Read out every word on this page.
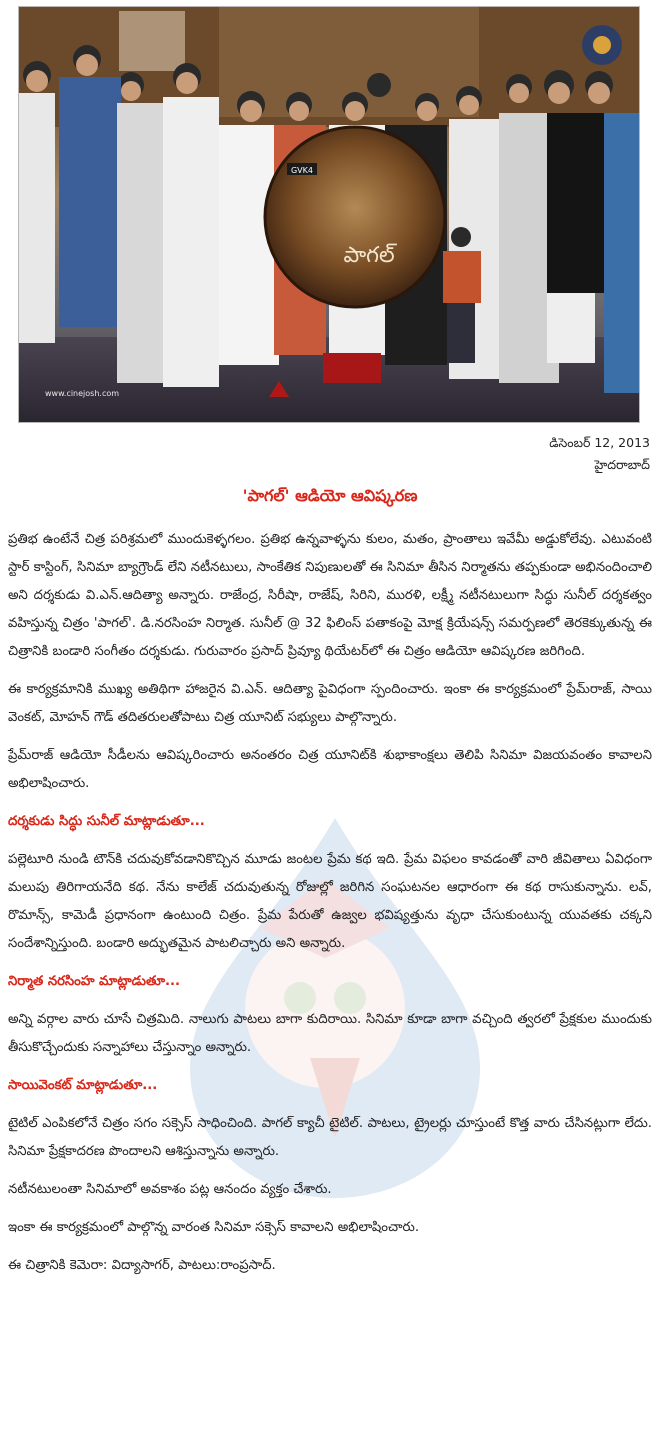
GVK4
పాగల్
www.cinejosh.com
డిసెంబర్ 12, 2013
హైదరాబాద్
'పాగల్' ఆడియో ఆవిష్కరణ

ప్రతిభ ఉంటేనే చిత్ర పరిశ్రమలో ముందుకెళ్ళగలం. ప్రతిభ ఉన్నవాళ్ళను కులం, మతం, ప్రాంతాలు ఇవేమీ అడ్డుకోలేవు. ఎటువంటి స్టార్ కాస్టింగ్, సినిమా బ్యాగ్రౌండ్ లేని నటీనటులు, సాంకేతిక నిపుణులతో ఈ సినిమా తీసిన నిర్మాతను తప్పకుండా అభినందించాలి అని దర్శకుడు వి.ఎన్.ఆదిత్యా అన్నారు. రాజేంద్ర, సిరీషా, రాజేష్, సిరిని, మురళి, లక్ష్మీ నటీనటులుగా సిద్ధు సునీల్ దర్శకత్వం వహిస్తున్న చిత్రం 'పాగల్'. డి.నరసింహ నిర్మాత. సునీల్ @ 32 ఫిలింస్ పతాకంపై మోక్ష క్రియేషన్స్ సమర్పణలో తెరకెక్కుతున్న ఈ చిత్రానికి బండారి సంగీతం దర్శకుడు. గురువారం ప్రసాద్ ప్రివ్యూ థియేటర్‌లో ఈ చిత్రం ఆడియో ఆవిష్కరణ జరిగింది.

ఈ కార్యక్రమానికి ముఖ్య అతిథిగా హాజరైన వి.ఎన్. ఆదిత్యా పైవిధంగా స్పందించారు. ఇంకా ఈ కార్యక్రమంలో ప్రేమ్‌రాజ్, సాయి వెంకట్, మోహన్ గౌడ్ తదితరులతోపాటు చిత్ర యూనిట్ సభ్యులు పాల్గొన్నారు.

ప్రేమ్‌రాజ్ ఆడియో సీడీలను ఆవిష్కరించారు అనంతరం చిత్ర యూనిట్‌కి శుభాకాంక్షలు తెలిపి సినిమా విజయవంతం కావాలని అభిలాషించారు.

దర్శకుడు సిద్ధు సునీల్ మాట్లాడుతూ...

పల్లెటూరి నుండి టౌన్‌కి చదువుకోవడానికొచ్చిన మూడు జంటల ప్రేమ కథ ఇది. ప్రేమ విఫలం కావడంతో వారి జీవితాలు ఏవిధంగా మలుపు తిరిగాయనేది కథ. నేను కాలేజ్ చదువుతున్న రోజుల్లో జరిగిన సంఘటనల ఆధారంగా ఈ కథ రాసుకున్నాను. లవ్, రొమాన్స్, కామెడీ ప్రధానంగా ఉంటుంది చిత్రం. ప్రేమ పేరుతో ఉజ్వల భవిష్యత్తును వృధా చేసుకుంటున్న యువతకు చక్కని సందేశాన్నిస్తుంది. బండారి అద్భుతమైన పాటలిచ్చారు అని అన్నారు.

నిర్మాత నరసింహ మాట్లాడుతూ...

అన్ని వర్గాల వారు చూసే చిత్రమిది. నాలుగు పాటలు బాగా కుదిరాయి. సినిమా కూడా బాగా వచ్చింది త్వరలో ప్రేక్షకుల ముందుకు తీసుకొచ్చేందుకు సన్నాహాలు చేస్తున్నాం అన్నారు.

సాయివెంకట్ మాట్లాడుతూ...

టైటిల్ ఎంపికలోనే చిత్రం సగం సక్సెస్ సాధించింది. పాగల్ క్యాచీ టైటిల్. పాటలు, ట్రైలర్లు చూస్తుంటే కొత్త వారు చేసినట్లుగా లేదు. సినిమా ప్రేక్షకాదరణ పొందాలని ఆశిస్తున్నాను అన్నారు.

నటీనటులంతా సినిమాలో అవకాశం పట్ల ఆనందం వ్యక్తం చేశారు.

ఇంకా ఈ కార్యక్రమంలో పాల్గొన్న వారంత సినిమా సక్సెస్ కావాలని అభిలాషించారు.

ఈ చిత్రానికి కెమెరా: విద్యాసాగర్, పాటలు:రాంప్రసాద్.
